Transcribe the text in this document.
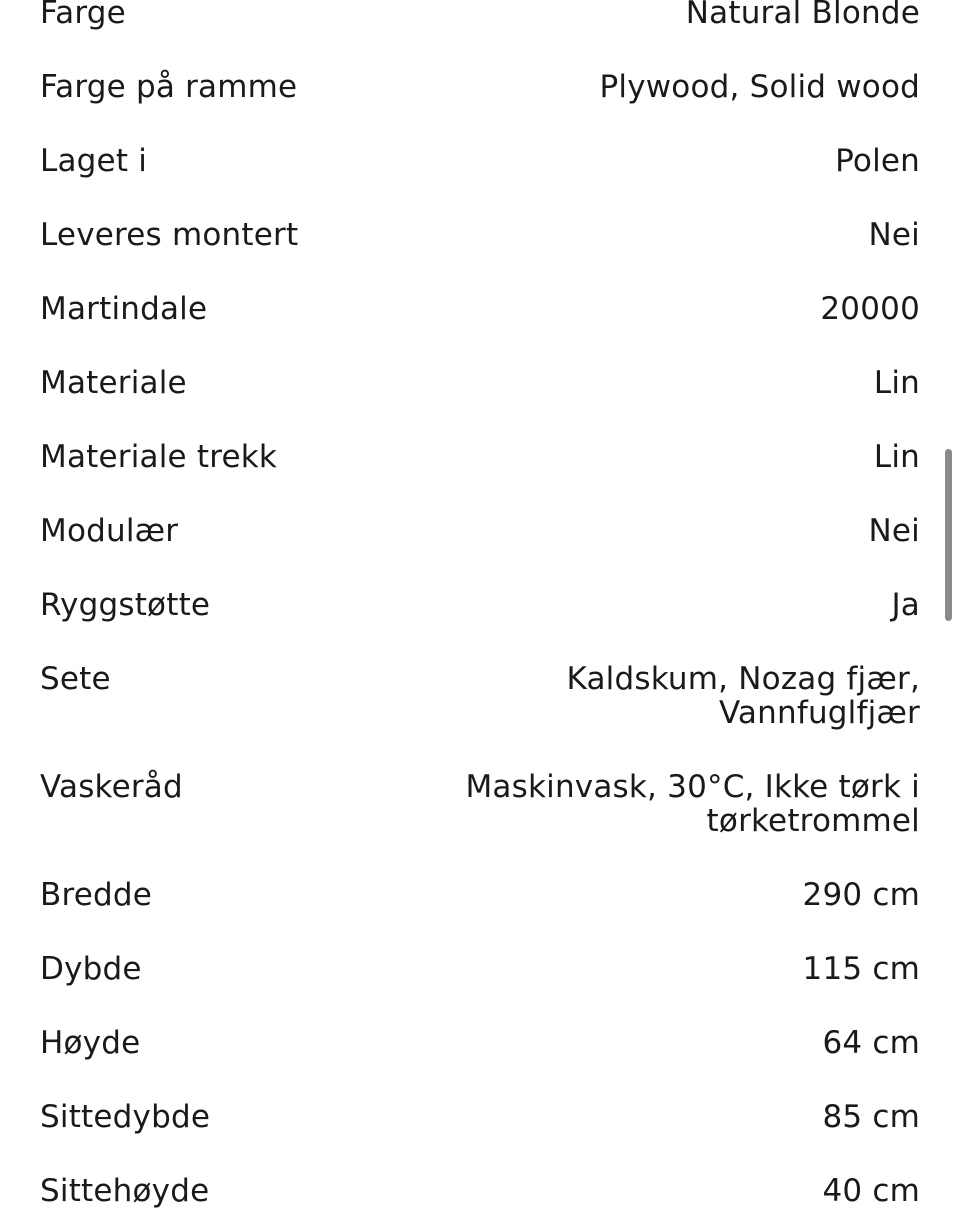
Farge	Natural Blonde
Farge på ramme	Plywood, Solid wood
Laget i	Polen
Leveres montert	Nei
Martindale	20000
Materiale	Lin
Materiale trekk	Lin
Modulær	Nei
Ryggstøtte	Ja
Sete	Kaldskum, Nozag fjær,
Vannfuglfjær
Vaskeråd	Maskinvask, 30°C, Ikke tørk i
tørketrommel
Bredde	290 cm
Dybde	115 cm
Høyde	64 cm
Sittedybde	85 cm
Sittehøyde	40 cm
